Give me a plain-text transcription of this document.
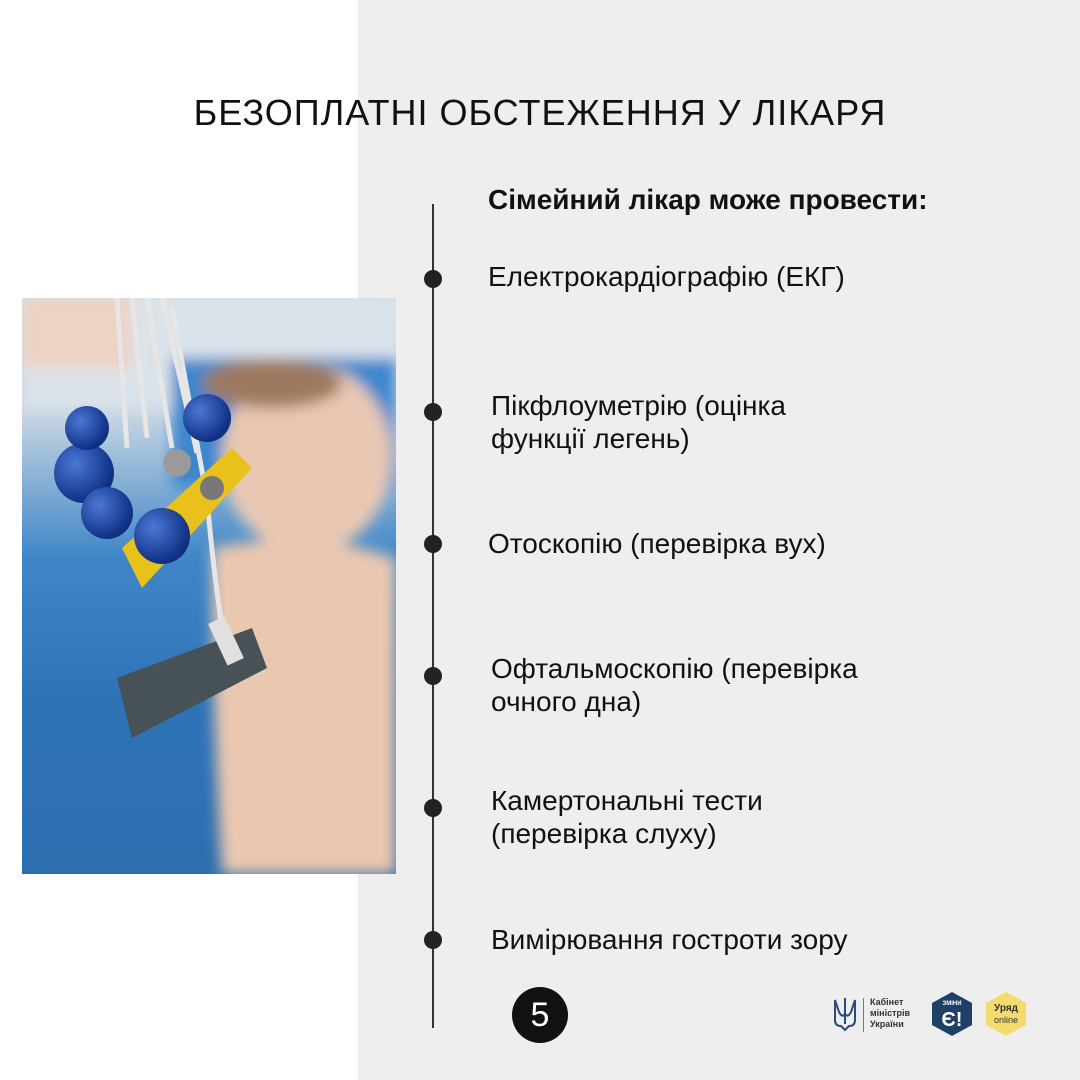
БЕЗОПЛАТНІ ОБСТЕЖЕННЯ У ЛІКАРЯ
Сімейний лікар може провести:
Електрокардіографію (ЕКГ)
Пікфлоуметрію (оцінка
функції легень)
Отоскопію (перевірка вух)
Офтальмоскопію (перевірка
очного дна)
Камертональні тести
(перевірка слуху)
Вимірювання гостроти зору
5	Кабінет
міністрів
України
ЗМІНИ
Є!
Уряд
online
